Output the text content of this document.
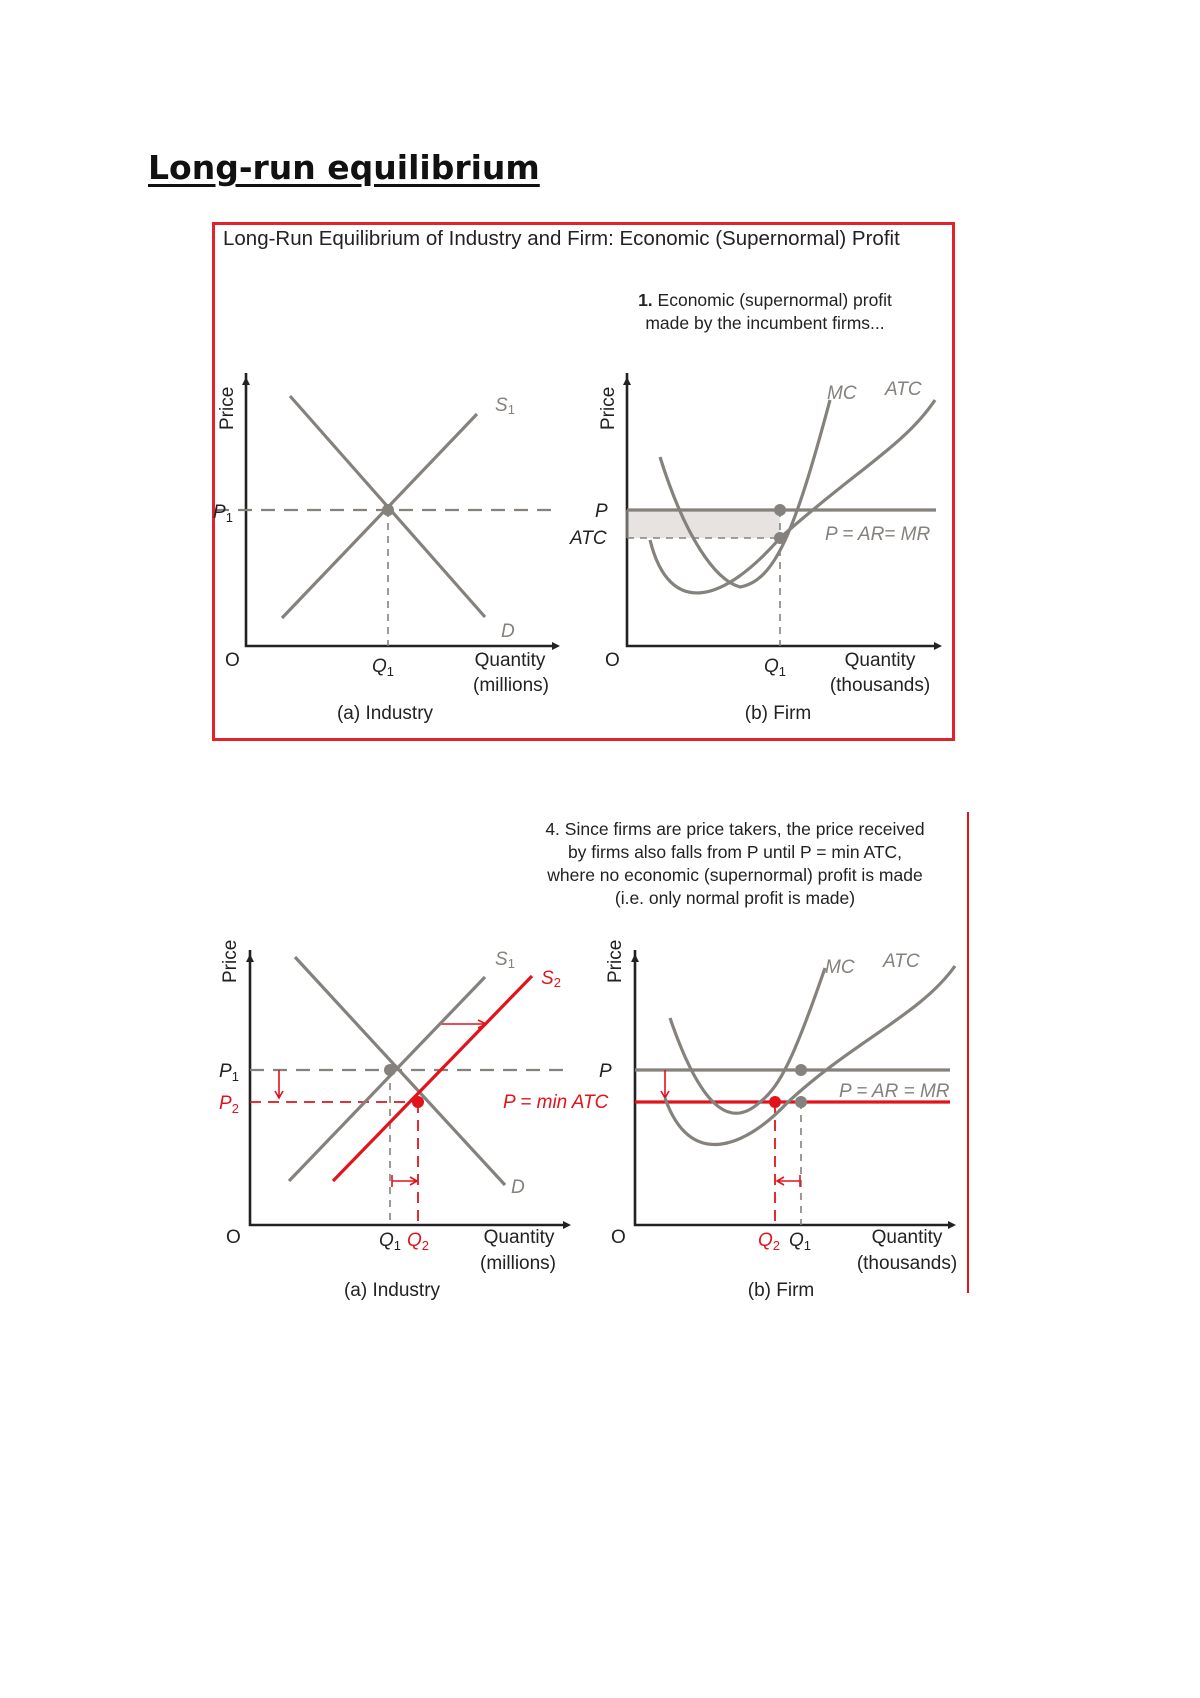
Long-run equilibrium
Long-Run Equilibrium of Industry and Firm: Economic (Supernormal) Profit
1. Economic (supernormal) profit made by the incumbent firms...
Price
O
$P_1$
$Q_1$
S1
D
Quantity
(millions)
(a) Industry
Price
O
P
ATC
MC ATC
P = AR= MR
$Q_1$
Quantity
(thousands)
(b) Firm
4. Since firms are price takers, the price received
by firms also falls from P until P = min ATC,
where no economic (supernormal) profit is made
(i.e. only normal profit is made)
Price
O
$P_1$
$P_2$
S1
S2
D
P = min ATC
$Q_1$ $Q_2$	Quantity
(millions)
(a) Industry
Price
O
P
MC ATC
P = AR = MR
$Q_2$ $Q_1$	Quantity
(thousands)
(b) Firm
